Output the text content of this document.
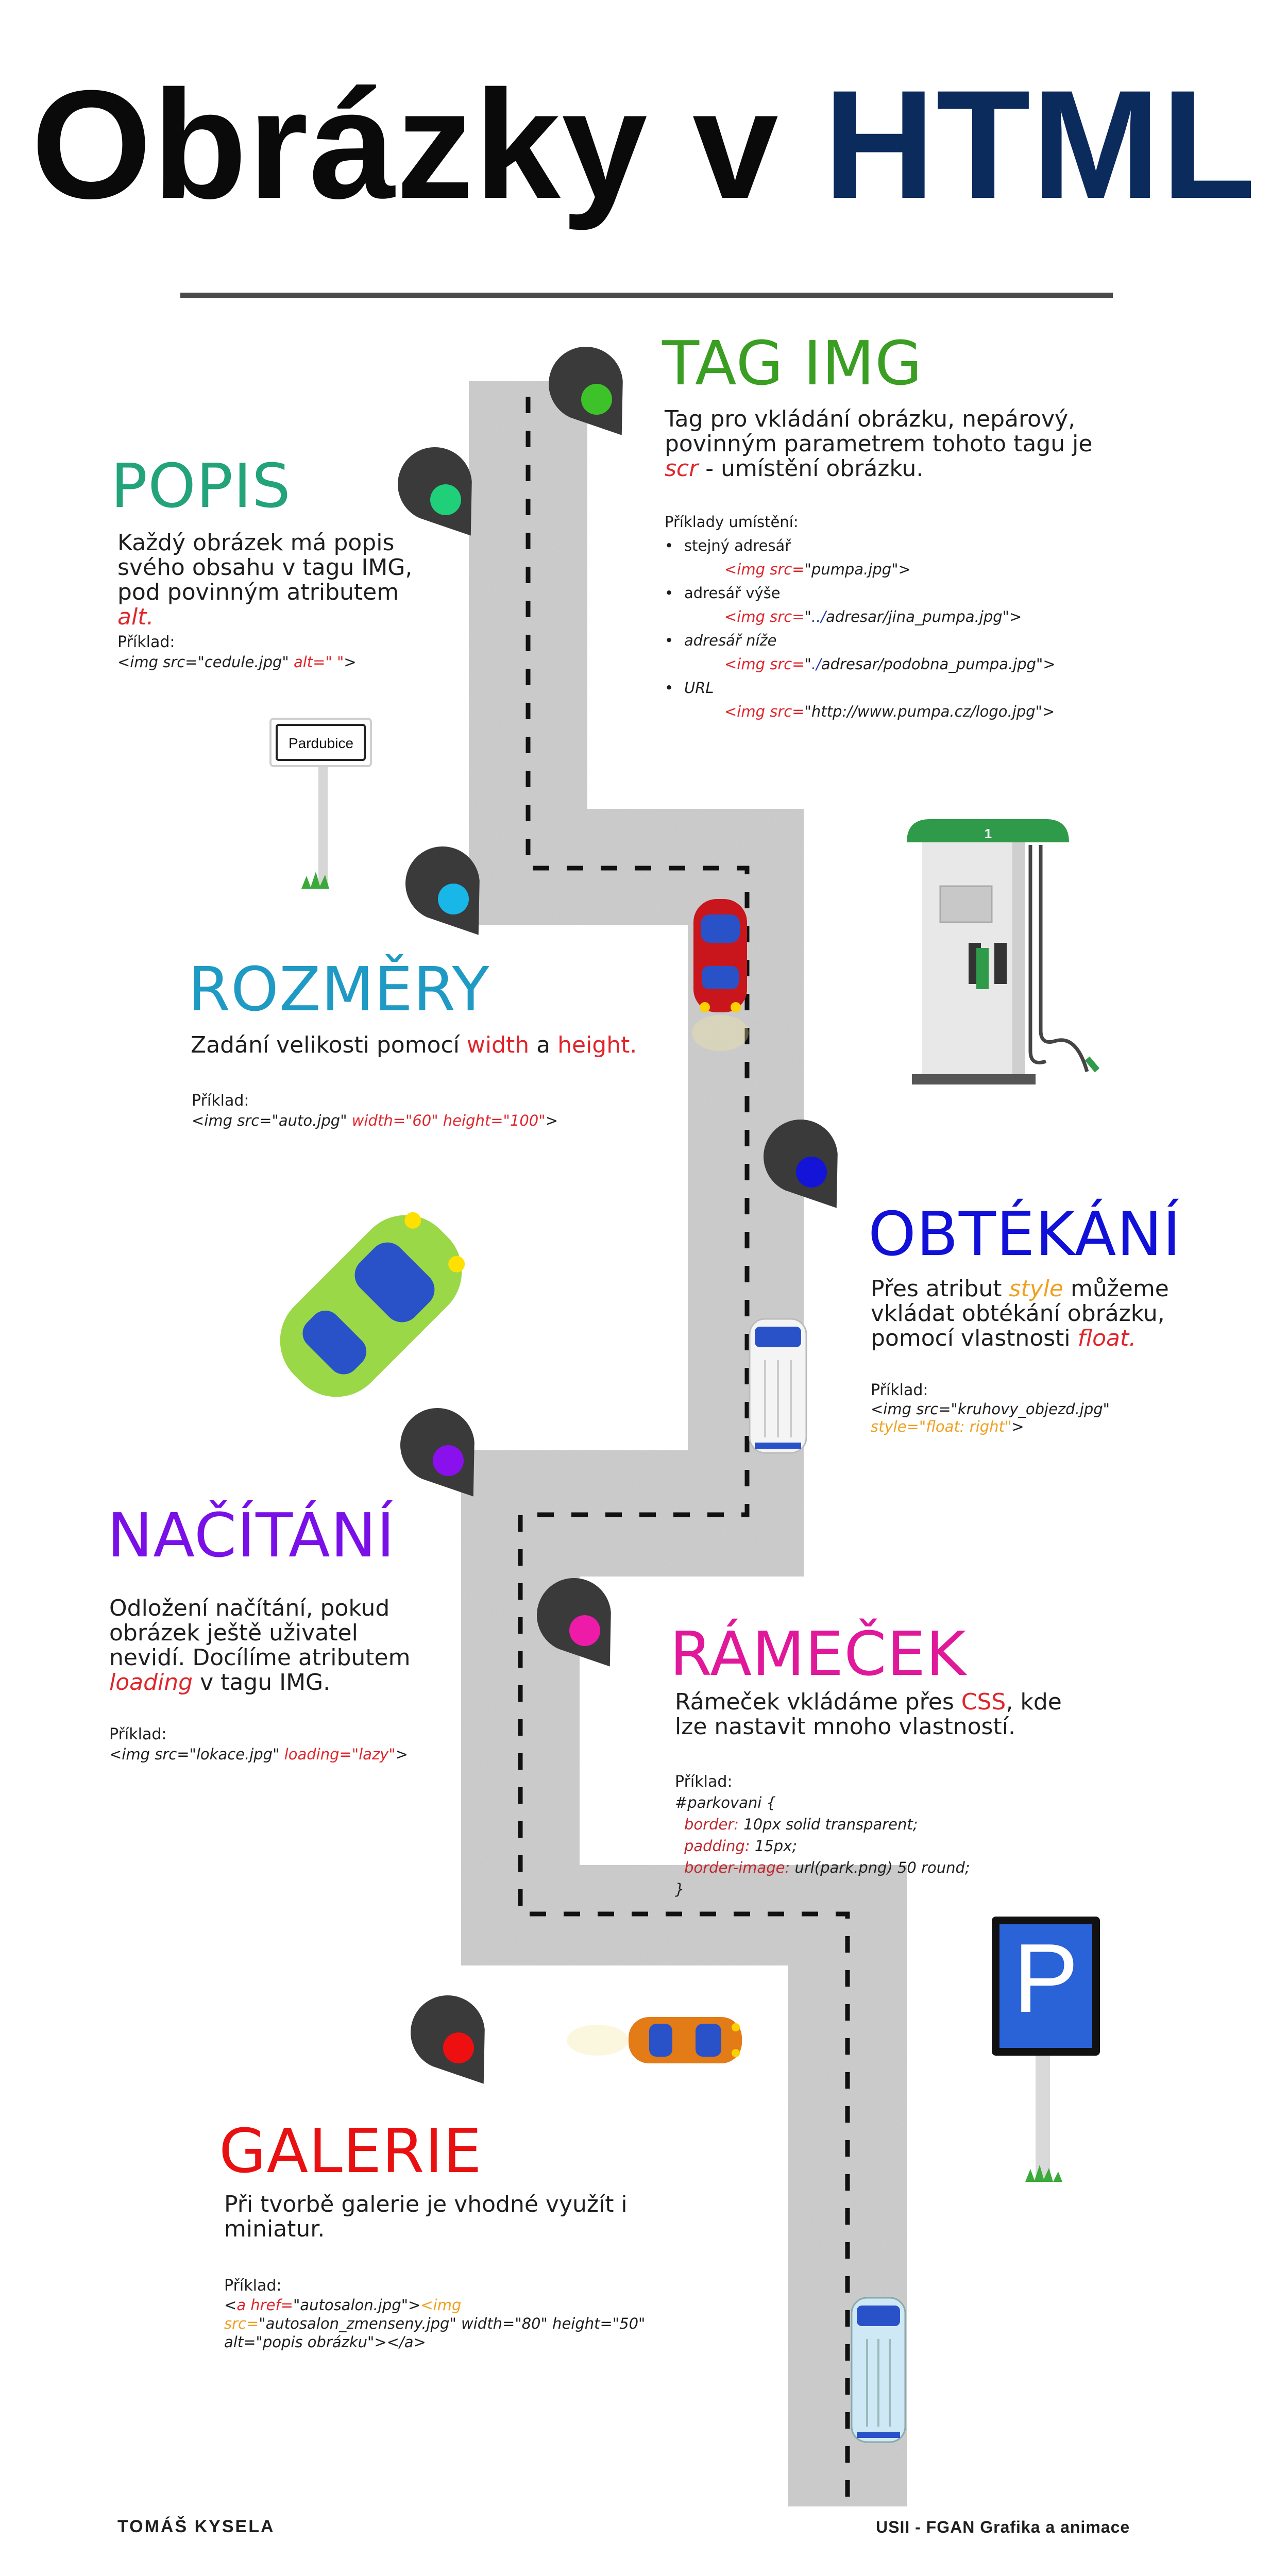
Pardubice
1
P
Obrázky v HTML
TAG IMG
Tag pro vkládání obrázku, nepárový, povinným parametrem tohoto tagu je scr - umístění obrázku.
Příklady umístění:
• stejný adresář
<img src="pumpa.jpg">
• adresář výše
<img src="../adresar/jina_pumpa.jpg">
• adresář níže
<img src="./adresar/podobna_pumpa.jpg">
• URL
<img src="http://www.pumpa.cz/logo.jpg">
POPIS
Každý obrázek má popis svého obsahu v tagu IMG, pod povinným atributem alt.
Příklad:
<img src="cedule.jpg" alt=" ">
ROZMĚRY
Zadání velikosti pomocí width a height.
Příklad:
<img src="auto.jpg" width="60" height="100">
OBTÉKÁNÍ
Přes atribut style můžeme vkládat obtékání obrázku, pomocí vlastnosti float.
Příklad:
<img src="kruhovy_objezd.jpg"
style="float: right">
NAČÍTÁNÍ
Odložení načítání, pokud obrázek ještě uživatel nevidí. Docílíme atributem loading v tagu IMG.
Příklad:
<img src="lokace.jpg" loading="lazy">
RÁMEČEK
Rámeček vkládáme přes CSS, kde lze nastavit mnoho vlastností.
Příklad:
#parkovani {
border: 10px solid transparent;
padding: 15px;
border-image: url(park.png) 50 round;
}
GALERIE
Při tvorbě galerie je vhodné využít i miniatur.
Příklad:
<a href="autosalon.jpg"><img
src="autosalon_zmenseny.jpg" width="80" height="50"
alt="popis obrázku"></a>
TOMÁŠ KYSELA	USII - FGAN Grafika a animace
